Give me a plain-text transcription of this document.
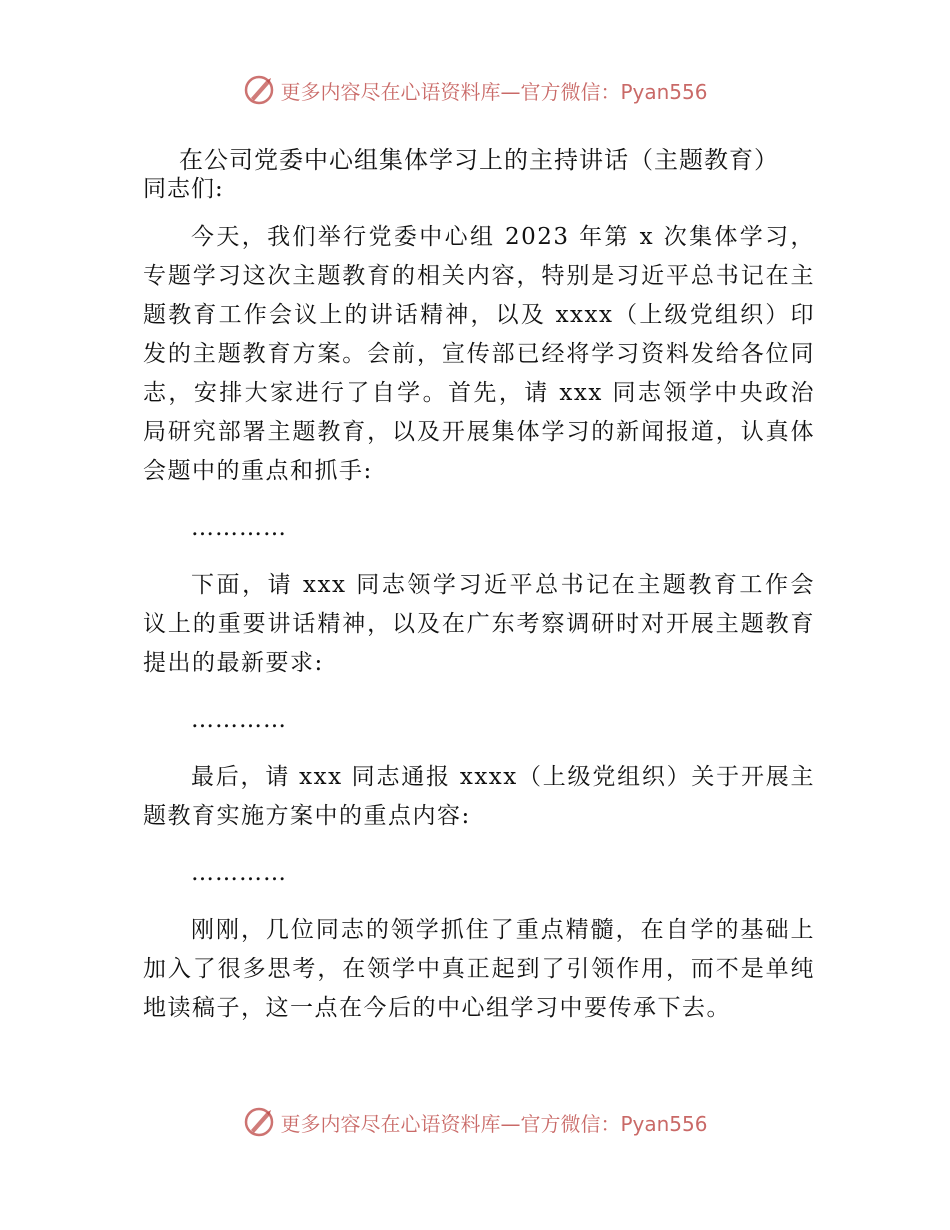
更多内容尽在心语资料库—官方微信：Pyan556
在公司党委中心组集体学习上的主持讲话（主题教育）

同志们:

今天，我们举行党委中心组 2023 年第 x 次集体学习，专题学习这次主题教育的相关内容，特别是习近平总书记在主题教育工作会议上的讲话精神，以及 xxxx（上级党组织）印发的主题教育方案。会前，宣传部已经将学习资料发给各位同志，安排大家进行了自学。首先，请 xxx 同志领学中央政治局研究部署主题教育，以及开展集体学习的新闻报道，认真体会题中的重点和抓手:

…………

下面，请 xxx 同志领学习近平总书记在主题教育工作会议上的重要讲话精神，以及在广东考察调研时对开展主题教育提出的最新要求:

…………

最后，请 xxx 同志通报 xxxx（上级党组织）关于开展主题教育实施方案中的重点内容:

…………

刚刚，几位同志的领学抓住了重点精髓，在自学的基础上加入了很多思考，在领学中真正起到了引领作用，而不是单纯地读稿子，这一点在今后的中心组学习中要传承下去。

更多内容尽在心语资料库—官方微信：Pyan556
